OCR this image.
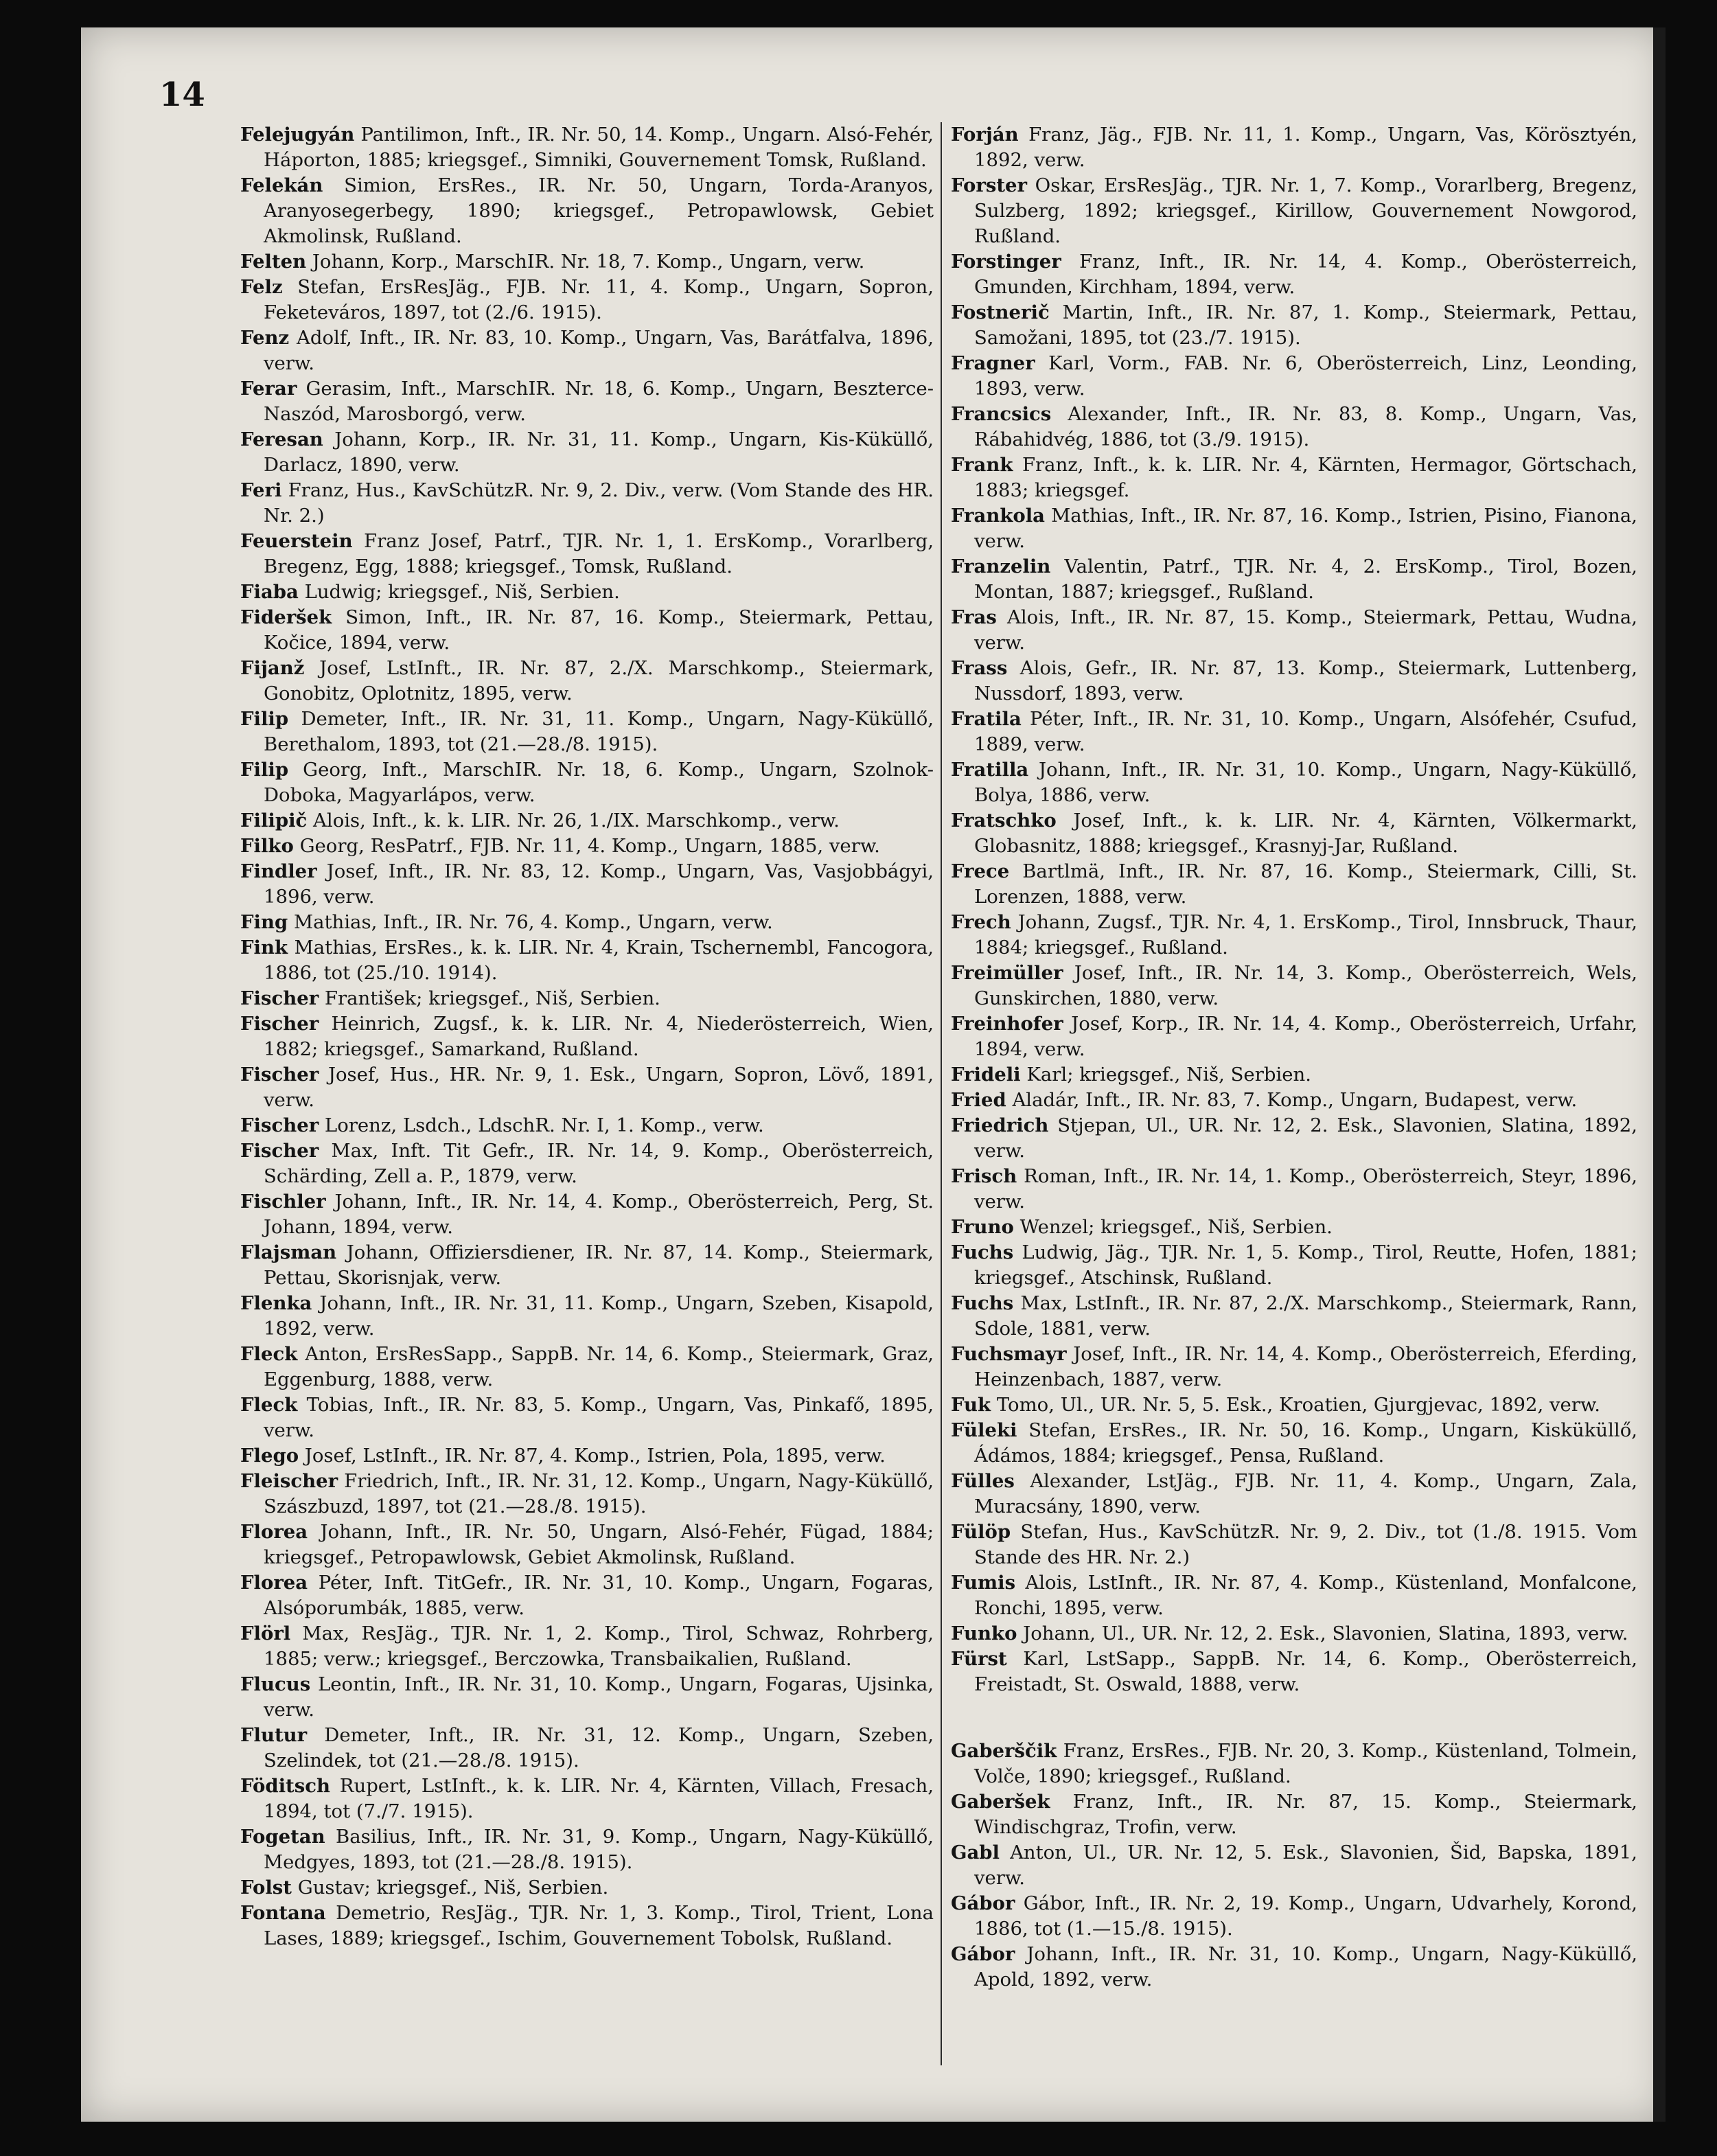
14

Felejugyán Pantilimon, Inft., IR. Nr. 50, 14. Komp., Ungarn. Alsó-Fehér, Háporton, 1885; kriegsgef., Simniki, Gouvernement Tomsk, Rußland.

Felekán Simion, ErsRes., IR. Nr. 50, Ungarn, Torda-Aranyos, Aranyosegerbegy, 1890; kriegsgef., Petropawlowsk, Gebiet Akmolinsk, Rußland.

Felten Johann, Korp., MarschIR. Nr. 18, 7. Komp., Ungarn, verw.

Felz Stefan, ErsResJäg., FJB. Nr. 11, 4. Komp., Ungarn, Sopron, Feketeváros, 1897, tot (2./6. 1915).

Fenz Adolf, Inft., IR. Nr. 83, 10. Komp., Ungarn, Vas, Barátfalva, 1896, verw.

Ferar Gerasim, Inft., MarschIR. Nr. 18, 6. Komp., Ungarn, Beszterce-Naszód, Marosborgó, verw.

Feresan Johann, Korp., IR. Nr. 31, 11. Komp., Ungarn, Kis-Küküllő, Darlacz, 1890, verw.

Feri Franz, Hus., KavSchützR. Nr. 9, 2. Div., verw. (Vom Stande des HR. Nr. 2.)

Feuerstein Franz Josef, Patrf., TJR. Nr. 1, 1. ErsKomp., Vorarlberg, Bregenz, Egg, 1888; kriegsgef., Tomsk, Rußland.

Fiaba Ludwig; kriegsgef., Niš, Serbien.

Fideršek Simon, Inft., IR. Nr. 87, 16. Komp., Steiermark, Pettau, Kočice, 1894, verw.

Fijanž Josef, LstInft., IR. Nr. 87, 2./X. Marschkomp., Steiermark, Gonobitz, Oplotnitz, 1895, verw.

Filip Demeter, Inft., IR. Nr. 31, 11. Komp., Ungarn, Nagy-Küküllő, Berethalom, 1893, tot (21.—28./8. 1915).

Filip Georg, Inft., MarschIR. Nr. 18, 6. Komp., Ungarn, Szolnok-Doboka, Magyarlápos, verw.

Filipič Alois, Inft., k. k. LIR. Nr. 26, 1./IX. Marschkomp., verw.

Filko Georg, ResPatrf., FJB. Nr. 11, 4. Komp., Ungarn, 1885, verw.

Findler Josef, Inft., IR. Nr. 83, 12. Komp., Ungarn, Vas, Vasjobbágyi, 1896, verw.

Fing Mathias, Inft., IR. Nr. 76, 4. Komp., Ungarn, verw.

Fink Mathias, ErsRes., k. k. LIR. Nr. 4, Krain, Tschernembl, Fancogora, 1886, tot (25./10. 1914).

Fischer František; kriegsgef., Niš, Serbien.

Fischer Heinrich, Zugsf., k. k. LIR. Nr. 4, Niederösterreich, Wien, 1882; kriegsgef., Samarkand, Rußland.

Fischer Josef, Hus., HR. Nr. 9, 1. Esk., Ungarn, Sopron, Lövő, 1891, verw.

Fischer Lorenz, Lsdch., LdschR. Nr. I, 1. Komp., verw.

Fischer Max, Inft. Tit Gefr., IR. Nr. 14, 9. Komp., Oberösterreich, Schärding, Zell a. P., 1879, verw.

Fischler Johann, Inft., IR. Nr. 14, 4. Komp., Oberösterreich, Perg, St. Johann, 1894, verw.

Flajsman Johann, Offiziersdiener, IR. Nr. 87, 14. Komp., Steiermark, Pettau, Skorisnjak, verw.

Flenka Johann, Inft., IR. Nr. 31, 11. Komp., Ungarn, Szeben, Kisapold, 1892, verw.

Fleck Anton, ErsResSapp., SappB. Nr. 14, 6. Komp., Steiermark, Graz, Eggenburg, 1888, verw.

Fleck Tobias, Inft., IR. Nr. 83, 5. Komp., Ungarn, Vas, Pinkafő, 1895, verw.

Flego Josef, LstInft., IR. Nr. 87, 4. Komp., Istrien, Pola, 1895, verw.

Fleischer Friedrich, Inft., IR. Nr. 31, 12. Komp., Ungarn, Nagy-Küküllő, Szászbuzd, 1897, tot (21.—28./8. 1915).

Florea Johann, Inft., IR. Nr. 50, Ungarn, Alsó-Fehér, Fügad, 1884; kriegsgef., Petropawlowsk, Gebiet Akmolinsk, Rußland.

Florea Péter, Inft. TitGefr., IR. Nr. 31, 10. Komp., Ungarn, Fogaras, Alsóporumbák, 1885, verw.

Flörl Max, ResJäg., TJR. Nr. 1, 2. Komp., Tirol, Schwaz, Rohrberg, 1885; verw.; kriegsgef., Berczowka, Transbaikalien, Rußland.

Flucus Leontin, Inft., IR. Nr. 31, 10. Komp., Ungarn, Fogaras, Ujsinka, verw.

Flutur Demeter, Inft., IR. Nr. 31, 12. Komp., Ungarn, Szeben, Szelindek, tot (21.—28./8. 1915).

Föditsch Rupert, LstInft., k. k. LIR. Nr. 4, Kärnten, Villach, Fresach, 1894, tot (7./7. 1915).

Fogetan Basilius, Inft., IR. Nr. 31, 9. Komp., Ungarn, Nagy-Küküllő, Medgyes, 1893, tot (21.—28./8. 1915).

Folst Gustav; kriegsgef., Niš, Serbien.

Fontana Demetrio, ResJäg., TJR. Nr. 1, 3. Komp., Tirol, Trient, Lona Lases, 1889; kriegsgef., Ischim, Gouvernement Tobolsk, Rußland.

Forján Franz, Jäg., FJB. Nr. 11, 1. Komp., Ungarn, Vas, Körösztyén, 1892, verw.

Forster Oskar, ErsResJäg., TJR. Nr. 1, 7. Komp., Vorarlberg, Bregenz, Sulzberg, 1892; kriegsgef., Kirillow, Gouvernement Nowgorod, Rußland.

Forstinger Franz, Inft., IR. Nr. 14, 4. Komp., Oberösterreich, Gmunden, Kirchham, 1894, verw.

Fostnerič Martin, Inft., IR. Nr. 87, 1. Komp., Steiermark, Pettau, Samožani, 1895, tot (23./7. 1915).

Fragner Karl, Vorm., FAB. Nr. 6, Oberösterreich, Linz, Leonding, 1893, verw.

Francsics Alexander, Inft., IR. Nr. 83, 8. Komp., Ungarn, Vas, Rábahidvég, 1886, tot (3./9. 1915).

Frank Franz, Inft., k. k. LIR. Nr. 4, Kärnten, Hermagor, Görtschach, 1883; kriegsgef.

Frankola Mathias, Inft., IR. Nr. 87, 16. Komp., Istrien, Pisino, Fianona, verw.

Franzelin Valentin, Patrf., TJR. Nr. 4, 2. ErsKomp., Tirol, Bozen, Montan, 1887; kriegsgef., Rußland.

Fras Alois, Inft., IR. Nr. 87, 15. Komp., Steiermark, Pettau, Wudna, verw.

Frass Alois, Gefr., IR. Nr. 87, 13. Komp., Steiermark, Luttenberg, Nussdorf, 1893, verw.

Fratila Péter, Inft., IR. Nr. 31, 10. Komp., Ungarn, Alsófehér, Csufud, 1889, verw.

Fratilla Johann, Inft., IR. Nr. 31, 10. Komp., Ungarn, Nagy-Küküllő, Bolya, 1886, verw.

Fratschko Josef, Inft., k. k. LIR. Nr. 4, Kärnten, Völkermarkt, Globasnitz, 1888; kriegsgef., Krasnyj-Jar, Rußland.

Frece Bartlmä, Inft., IR. Nr. 87, 16. Komp., Steiermark, Cilli, St. Lorenzen, 1888, verw.

Frech Johann, Zugsf., TJR. Nr. 4, 1. ErsKomp., Tirol, Innsbruck, Thaur, 1884; kriegsgef., Rußland.

Freimüller Josef, Inft., IR. Nr. 14, 3. Komp., Oberösterreich, Wels, Gunskirchen, 1880, verw.

Freinhofer Josef, Korp., IR. Nr. 14, 4. Komp., Oberösterreich, Urfahr, 1894, verw.

Frideli Karl; kriegsgef., Niš, Serbien.

Fried Aladár, Inft., IR. Nr. 83, 7. Komp., Ungarn, Budapest, verw.

Friedrich Stjepan, Ul., UR. Nr. 12, 2. Esk., Slavonien, Slatina, 1892, verw.

Frisch Roman, Inft., IR. Nr. 14, 1. Komp., Oberösterreich, Steyr, 1896, verw.

Fruno Wenzel; kriegsgef., Niš, Serbien.

Fuchs Ludwig, Jäg., TJR. Nr. 1, 5. Komp., Tirol, Reutte, Hofen, 1881; kriegsgef., Atschinsk, Rußland.

Fuchs Max, LstInft., IR. Nr. 87, 2./X. Marschkomp., Steiermark, Rann, Sdole, 1881, verw.

Fuchsmayr Josef, Inft., IR. Nr. 14, 4. Komp., Oberösterreich, Eferding, Heinzenbach, 1887, verw.

Fuk Tomo, Ul., UR. Nr. 5, 5. Esk., Kroatien, Gjurgjevac, 1892, verw.

Füleki Stefan, ErsRes., IR. Nr. 50, 16. Komp., Ungarn, Kisküküllő, Ádámos, 1884; kriegsgef., Pensa, Rußland.

Fülles Alexander, LstJäg., FJB. Nr. 11, 4. Komp., Ungarn, Zala, Muracsány, 1890, verw.

Fülöp Stefan, Hus., KavSchützR. Nr. 9, 2. Div., tot (1./8. 1915. Vom Stande des HR. Nr. 2.)

Fumis Alois, LstInft., IR. Nr. 87, 4. Komp., Küstenland, Monfalcone, Ronchi, 1895, verw.

Funko Johann, Ul., UR. Nr. 12, 2. Esk., Slavonien, Slatina, 1893, verw.

Fürst Karl, LstSapp., SappB. Nr. 14, 6. Komp., Oberösterreich, Freistadt, St. Oswald, 1888, verw.

Gaberščik Franz, ErsRes., FJB. Nr. 20, 3. Komp., Küstenland, Tolmein, Volče, 1890; kriegsgef., Rußland.

Gaberšek Franz, Inft., IR. Nr. 87, 15. Komp., Steiermark, Windischgraz, Trofin, verw.

Gabl Anton, Ul., UR. Nr. 12, 5. Esk., Slavonien, Šid, Bapska, 1891, verw.

Gábor Gábor, Inft., IR. Nr. 2, 19. Komp., Ungarn, Udvarhely, Korond, 1886, tot (1.—15./8. 1915).

Gábor Johann, Inft., IR. Nr. 31, 10. Komp., Ungarn, Nagy-Küküllő, Apold, 1892, verw.
